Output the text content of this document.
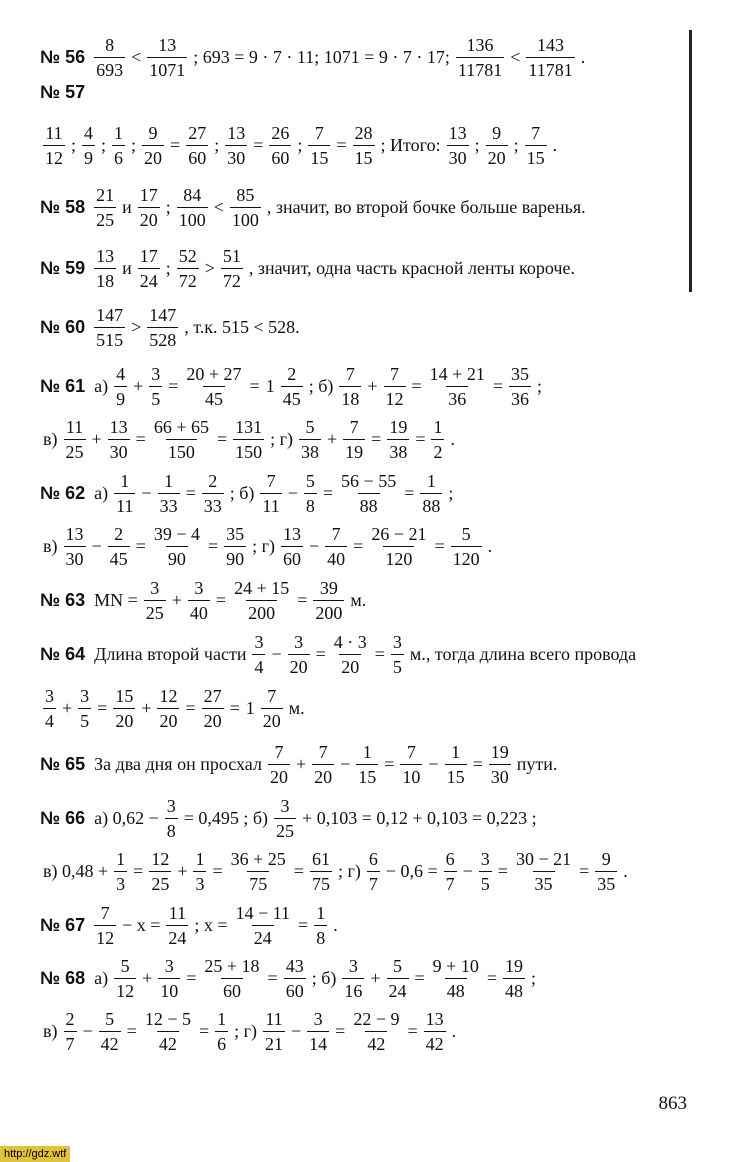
№ $56 \frac{8}{693} < \frac{13}{1071}$ ; 693 = 9 · 7 · 11; 1071 = 9 · 7 · 17; $\frac{136}{11781} < \frac{143}{11781}$ .
№ 57
$\frac{11}{12}$ ; $\frac{4}{9}$ ; $\frac{1}{6}$ ; $\frac{9}{20} = \frac{27}{60}$ ; $\frac{13}{30} = \frac{26}{60}$ ; $\frac{7}{15} = \frac{28}{15}$ ; Итого: $\frac{13}{30}$ ; $\frac{9}{20}$ ; $\frac{7}{15}$ .
№ $58 \frac{21}{25}$ и $\frac{17}{20}$ ; $\frac{84}{100} < \frac{85}{100}$ , значит, во второй бочке больше варенья.
№ $59 \frac{13}{18}$ и $\frac{17}{24}$ ; $\frac{52}{72} > \frac{51}{72}$ , значит, одна часть красной ленты короче.
№ $60 \frac{147}{515} > \frac{147}{528}$ , т.к. 515 < 528.
№ 61 $а) \frac{4}{9} + \frac{3}{5} = \frac{20 + 27}{45} = 1 \frac{2}{45}$ ; $б) \frac{7}{18} + \frac{7}{12} = \frac{14 + 21}{36} = \frac{35}{36}$ ;
$в) \frac{11}{25} + \frac{13}{30} = \frac{66 + 65}{150} = \frac{131}{150}$ ; $г) \frac{5}{38} + \frac{7}{19} = \frac{19}{38} = \frac{1}{2}$ .
№ 62 $а) \frac{1}{11} - \frac{1}{33} = \frac{2}{33}$ ; $б) \frac{7}{11} - \frac{5}{8} = \frac{56 - 55}{88} = \frac{1}{88}$ ;
$в) \frac{13}{30} - \frac{2}{45} = \frac{39 - 4}{90} = \frac{35}{90}$ ; $г) \frac{13}{60} - \frac{7}{40} = \frac{26 - 21}{120} = \frac{5}{120}$ .
№ 63 MN = $\frac{3}{25} + \frac{3}{40} = \frac{24 + 15}{200} = \frac{39}{200} м$.
№ 64 Длина второй части $\frac{3}{4} - \frac{3}{20} = \frac{4 \cdot 3}{20} = \frac{3}{5} м$., тогда длина всего провода
$\frac{3}{4} + \frac{3}{5} = \frac{15}{20} + \frac{12}{20} = \frac{27}{20} = 1 \frac{7}{20} м$.
№ 65 За два дня он просхал $\frac{7}{20} + \frac{7}{20} - \frac{1}{15} = \frac{7}{10} - \frac{1}{15} = \frac{19}{30}$ пути.
№ 66 а) $0,62 - \frac{3}{8} = 0,495$ ; $б) \frac{3}{25} + 0,103 = 0,12 + 0,103 = 0,223$ ;
в) $0,48 + \frac{1}{3} = \frac{12}{25} + \frac{1}{3} = \frac{36 + 25}{75} = \frac{61}{75}$ ; $г) \frac{6}{7} - 0,6 = \frac{6}{7} - \frac{3}{5} = \frac{30 - 21}{35} = \frac{9}{35}$ .
№ $67 \frac{7}{12} - x = \frac{11}{24}$ ; $x = \frac{14 - 11}{24} = \frac{1}{8}$ .
№ 68 $а) \frac{5}{12} + \frac{3}{10} = \frac{25 + 18}{60} = \frac{43}{60}$ ; $б) \frac{3}{16} + \frac{5}{24} = \frac{9 + 10}{48} = \frac{19}{48}$ ;
$в) \frac{2}{7} - \frac{5}{42} = \frac{12 - 5}{42} = \frac{1}{6}$ ; $г) \frac{11}{21} - \frac{3}{14} = \frac{22 - 9}{42} = \frac{13}{42}$ .
863
http://gdz.wtf
